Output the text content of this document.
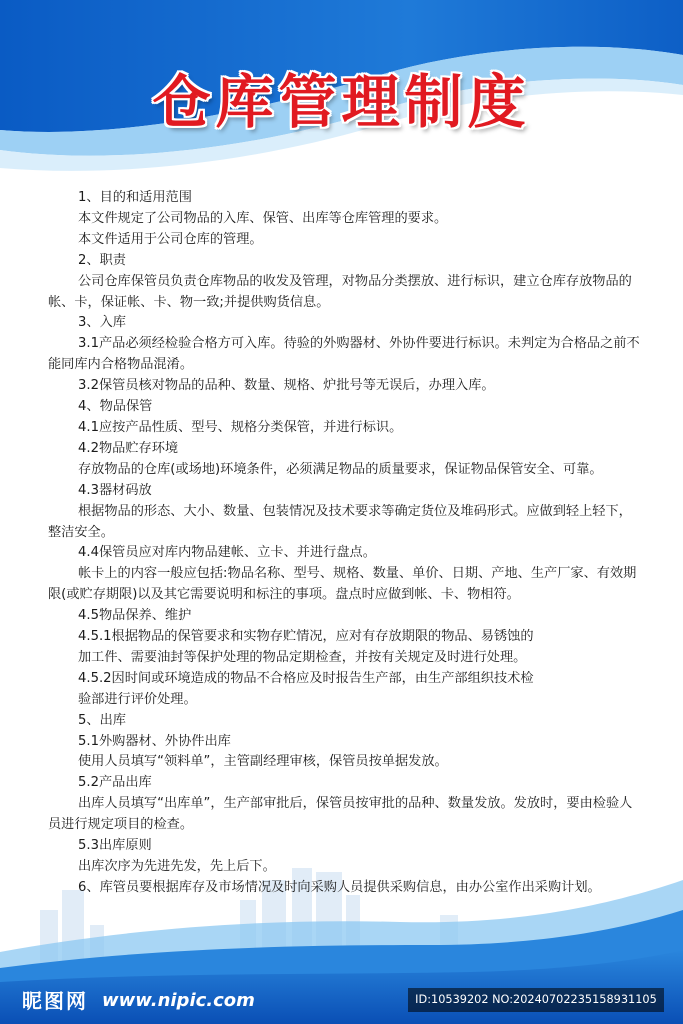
仓库管理制度

1、目的和适用范围

本文件规定了公司物品的入库、保管、出库等仓库管理的要求。

本文件适用于公司仓库的管理。

2、职责

公司仓库保管员负责仓库物品的收发及管理，对物品分类摆放、进行标识，建立仓库存放物品的帐、卡，保证帐、卡、物一致;并提供购货信息。

3、入库

3.1产品必须经检验合格方可入库。待验的外购器材、外协件要进行标识。未判定为合格品之前不能同库内合格物品混淆。

3.2保管员核对物品的品种、数量、规格、炉批号等无误后，办理入库。

4、物品保管

4.1应按产品性质、型号、规格分类保管，并进行标识。

4.2物品贮存环境

存放物品的仓库(或场地)环境条件，必须满足物品的质量要求，保证物品保管安全、可靠。

4.3器材码放

根据物品的形态、大小、数量、包装情况及技术要求等确定货位及堆码形式。应做到轻上轻下，整洁安全。

4.4保管员应对库内物品建帐、立卡、并进行盘点。

帐卡上的内容一般应包括:物品名称、型号、规格、数量、单价、日期、产地、生产厂家、有效期限(或贮存期限)以及其它需要说明和标注的事项。盘点时应做到帐、卡、物相符。

4.5物品保养、维护

4.5.1根据物品的保管要求和实物存贮情况，应对有存放期限的物品、易锈蚀的

加工件、需要油封等保护处理的物品定期检查，并按有关规定及时进行处理。

4.5.2因时间或环境造成的物品不合格应及时报告生产部，由生产部组织技术检

验部进行评价处理。

5、出库

5.1外购器材、外协件出库

使用人员填写“领料单”，主管副经理审核，保管员按单据发放。

5.2产品出库

出库人员填写“出库单”，生产部审批后，保管员按审批的品种、数量发放。发放时，要由检验人员进行规定项目的检查。

5.3出库原则

出库次序为先进先发，先上后下。

6、库管员要根据库存及市场情况及时向采购人员提供采购信息，由办公室作出采购计划。

昵图网 www.nipic.com	ID:10539202 NO:20240702235158931105
